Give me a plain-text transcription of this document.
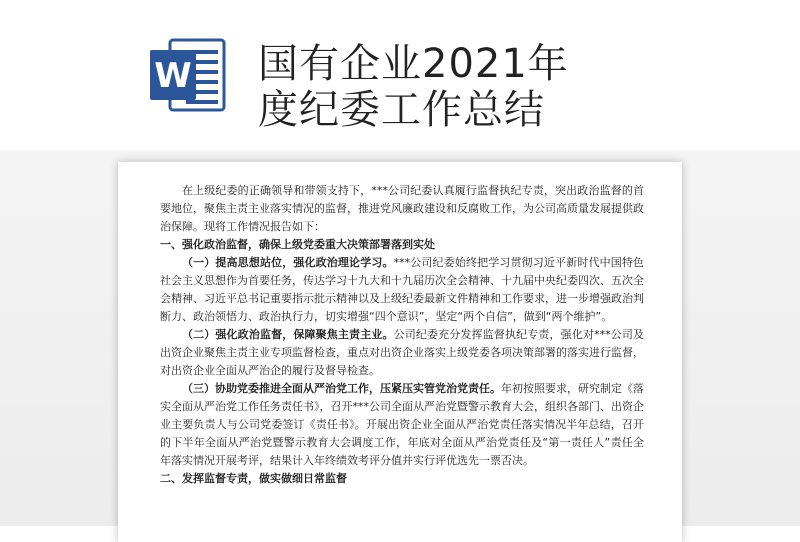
W 国有企业2021年
度纪委工作总结

在上级纪委的正确领导和带领支持下，***公司纪委认真履行监督执纪专责，突出政治监督的首要地位，聚焦主责主业落实情况的监督，推进党风廉政建设和反腐败工作，为公司高质量发展提供政治保障。现将工作情况报告如下：

一、强化政治监督，确保上级党委重大决策部署落到实处

（一）提高思想站位，强化政治理论学习。***公司纪委始终把学习贯彻习近平新时代中国特色社会主义思想作为首要任务，传达学习十九大和十九届历次全会精神、十九届中央纪委四次、五次全会精神、习近平总书记重要指示批示精神以及上级纪委最新文件精神和工作要求，进一步增强政治判断力、政治领悟力、政治执行力，切实增强“四个意识”，坚定“两个自信”，做到“两个维护”。

（二）强化政治监督，保障聚焦主责主业。公司纪委充分发挥监督执纪专责，强化对***公司及出资企业聚焦主责主业专项监督检查，重点对出资企业落实上级党委各项决策部署的落实进行监督，对出资企业全面从严治企的履行及督导检查。

（三）协助党委推进全面从严治党工作，压紧压实管党治党责任。年初按照要求，研究制定《落实全面从严治党工作任务责任书》，召开***公司全面从严治党暨警示教育大会，组织各部门、出资企业主要负责人与公司党委签订《责任书》。开展出资企业全面从严治党责任落实情况半年总结，召开的下半年全面从严治党暨警示教育大会调度工作，年底对全面从严治党责任及“第一责任人”责任全年落实情况开展考评，结果计入年终绩效考评分值并实行评优选先一票否决。

二、发挥监督专责，做实做细日常监督
